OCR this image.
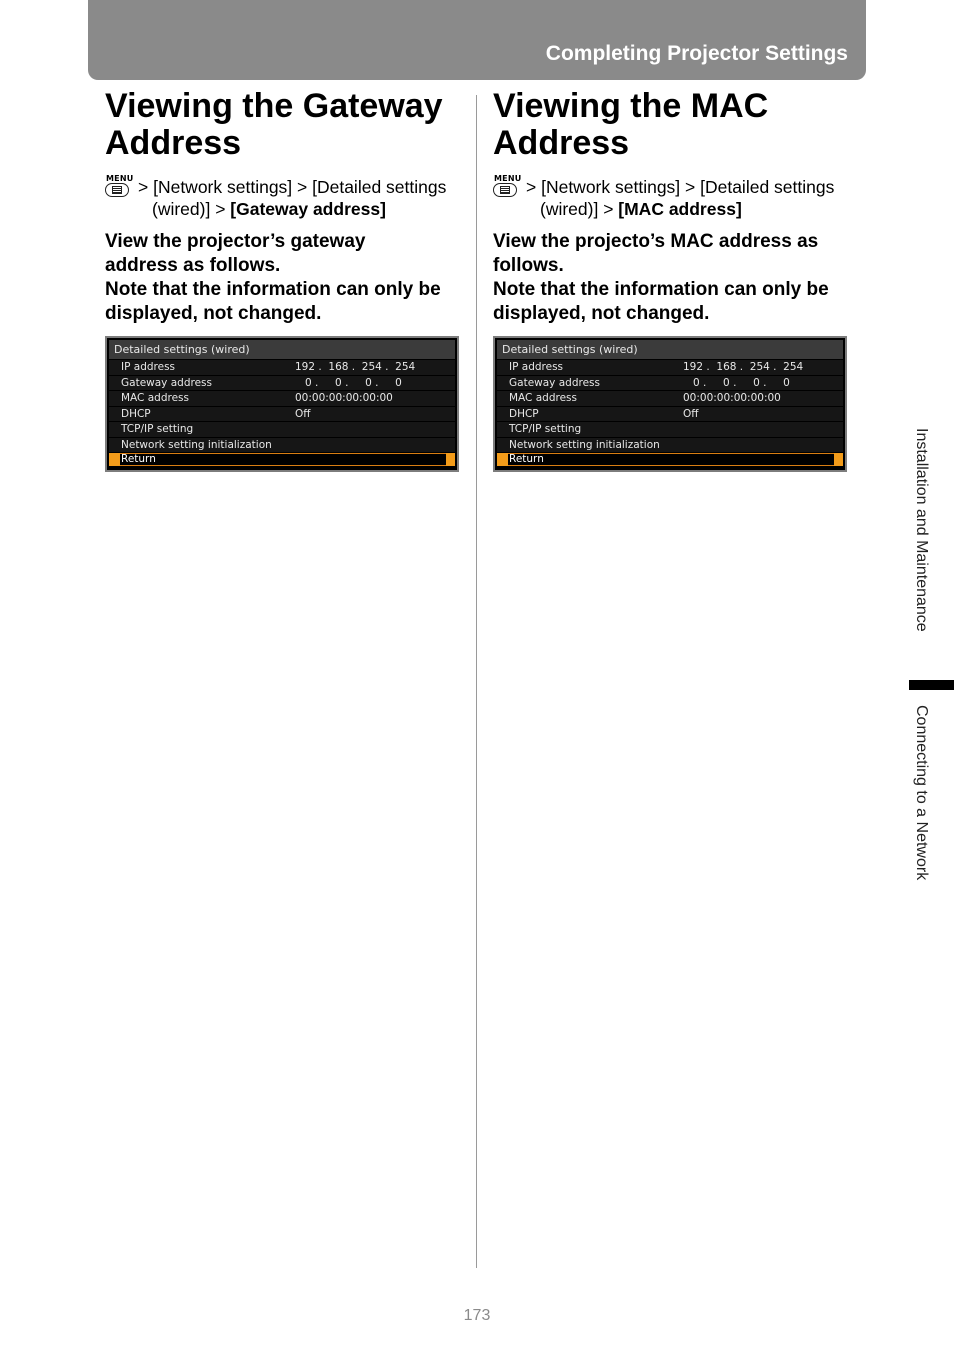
Completing Projector Settings
Viewing the Gateway
Address
MENU > [Network settings] > [Detailed settings
(wired)] > [Gateway address]
View the projector’s gateway
address as follows.
Note that the information can only be
displayed, not changed.
Detailed settings (wired)
IP address	192 .  168 .  254 .  254
Gateway address	0 .     0 .     0 .     0
MAC address	00:00:00:00:00:00
DHCP	Off
TCP/IP setting
Network setting initialization
Return
Viewing the MAC
Address
MENU > [Network settings] > [Detailed settings
(wired)] > [MAC address]
View the projecto’s MAC address as
follows.
Note that the information can only be
displayed, not changed.
Detailed settings (wired)
IP address	192 .  168 .  254 .  254
Gateway address	0 .     0 .     0 .     0
MAC address	00:00:00:00:00:00
DHCP	Off
TCP/IP setting
Network setting initialization
Return	Installation and Maintenance
Connecting to a Network
173
